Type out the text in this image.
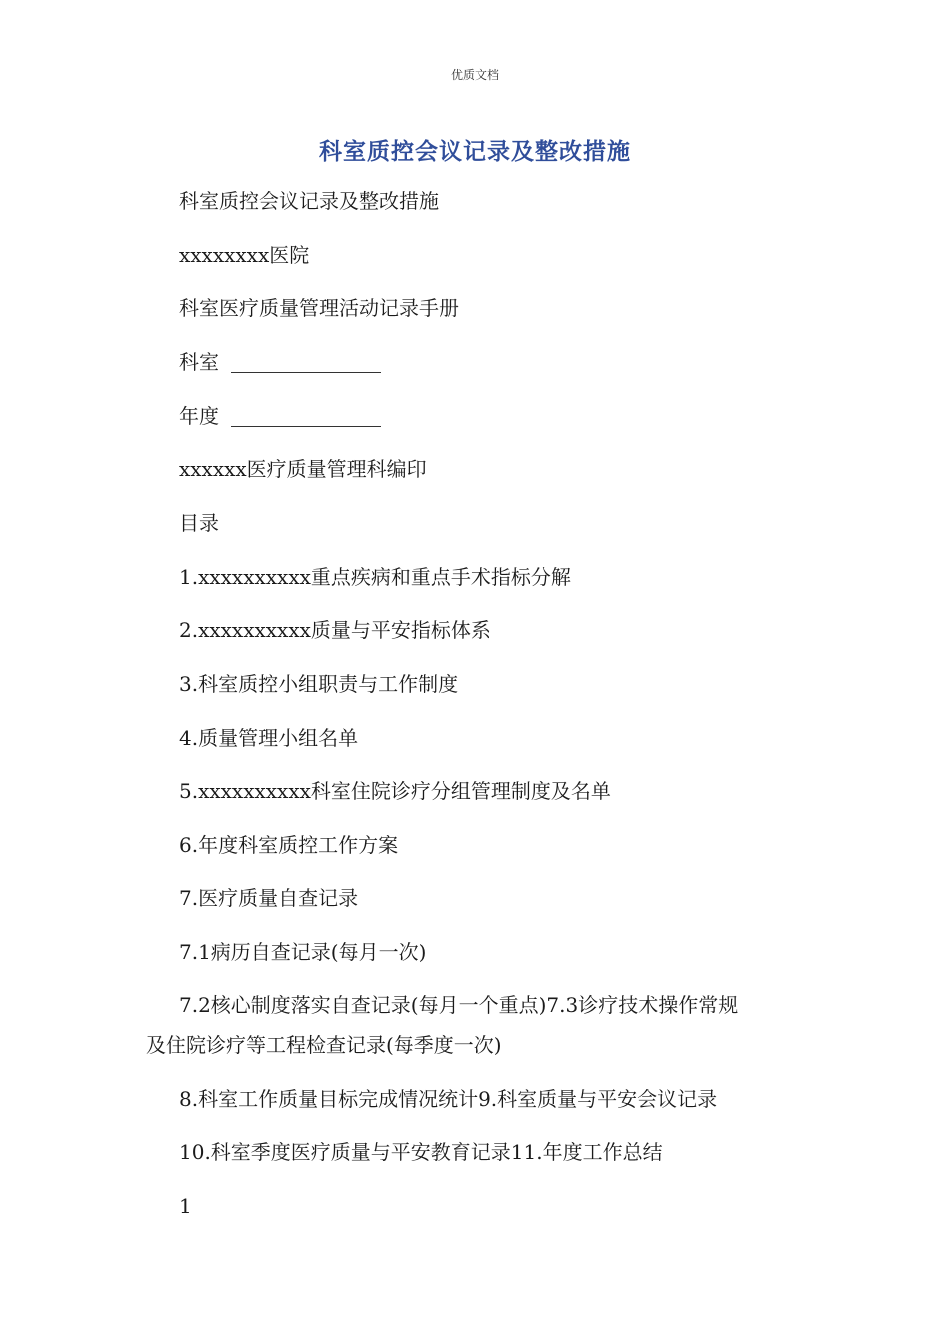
优质文档
科室质控会议记录及整改措施
科室质控会议记录及整改措施
xxxxxxxx医院
科室医疗质量管理活动记录手册
科室
年度
xxxxxx医疗质量管理科编印
目录
1.xxxxxxxxxx重点疾病和重点手术指标分解
2.xxxxxxxxxx质量与平安指标体系
3.科室质控小组职责与工作制度
4.质量管理小组名单
5.xxxxxxxxxx科室住院诊疗分组管理制度及名单
6.年度科室质控工作方案
7.医疗质量自查记录
7.1病历自查记录(每月一次)
7.2核心制度落实自查记录(每月一个重点)7.3诊疗技术操作常规
及住院诊疗等工程检查记录(每季度一次)
8.科室工作质量目标完成情况统计9.科室质量与平安会议记录
10.科室季度医疗质量与平安教育记录11.年度工作总结
1
